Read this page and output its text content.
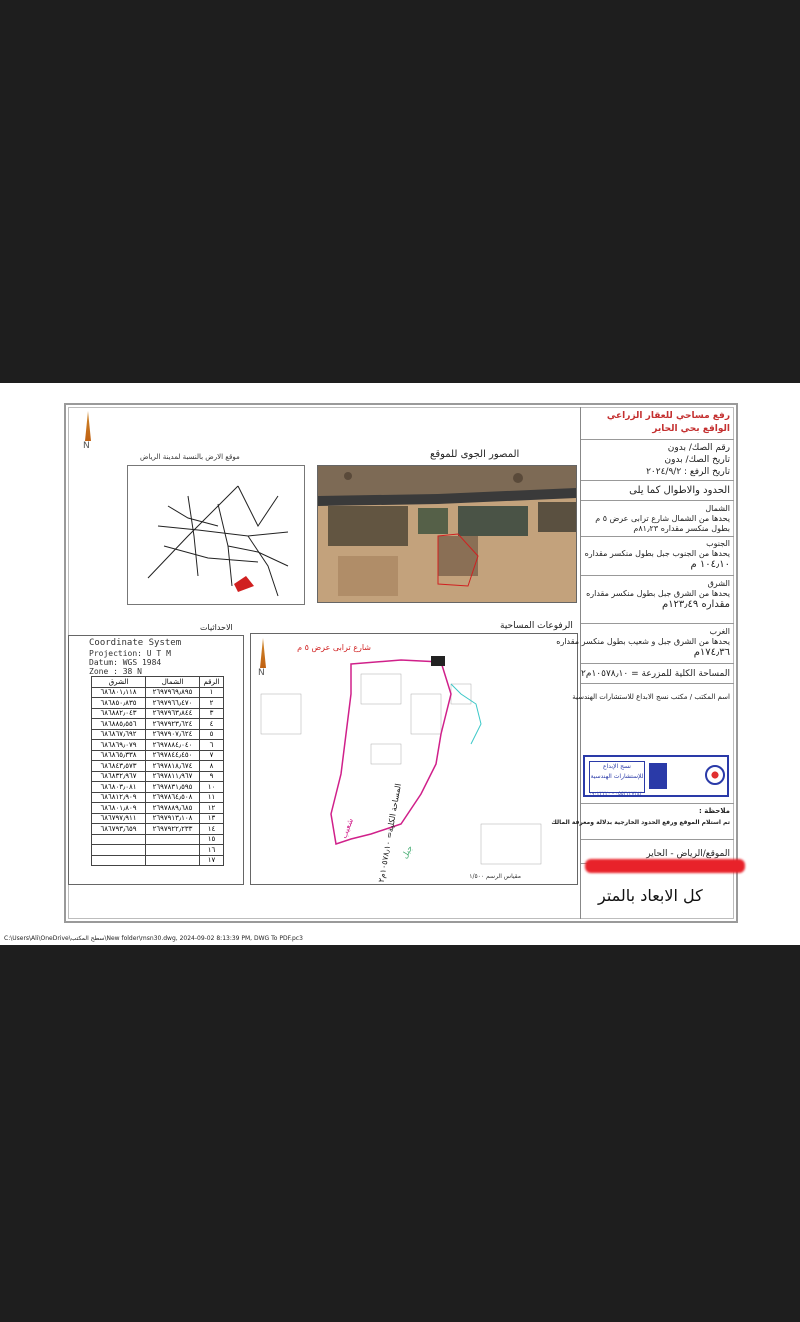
N
موقع الارض بالنسبة لمدينة الرياض	المصور الجوى للموقع
الاحداثيات
Coordinate System
Projection: U T M
Datum: WGS 1984
Zone : 38 N
الرقم	الشمال	الشرق
١	٢٦٩٧٩٦٩٫٨٩٥	٦٨٦٨٠١٫١١٨
٢	٢٦٩٧٩٦٦٫٤٧٠	٦٨٦٨٥٠٫٨٣٥
٣	٢٦٩٧٩٦٣٫٨٤٤	٦٨٦٨٨٢٫٠٤٣
٤	٢٦٩٧٩٢٣٫٦٢٤	٦٨٦٨٨٥٫٥٥٦
٥	٢٦٩٧٩٠٧٫٦٢٤	٦٨٦٨٦٧٫٦٩٢
٦	٢٦٩٧٨٨٤٫٠٤٠	٦٨٦٨٦٩٫٠٧٩
٧	٢٦٩٧٨٤٤٫٤٥٠	٦٨٦٨٦٥٫٣٣٨
٨	٢٦٩٧٨١٨٫٦٧٤	٦٨٦٨٤٣٫٥٧٣
٩	٢٦٩٧٨١١٫٩٦٧	٦٨٦٨٣٢٫٩٦٧
١٠	٢٦٩٧٨٣١٫٥٩٥	٦٨٦٨٠٣٫٠٨١
١١	٢٦٩٧٨٦٤٫٥٠٨	٦٨٦٨١٢٫٩٠٩
١٢	٢٦٩٧٨٨٩٫٦٨٥	٦٨٦٨٠١٫٨٠٩
١٣	٢٦٩٧٩١٣٫١٠٨	٦٨٦٧٩٧٫٩١١
١٤	٢٦٩٧٩٢٢٫٢٣٣	٦٨٦٧٩٣٫٦٥٩
١٥		
١٦		
١٧		
الرفوعات المساحية
N
شارع ترابى عرض ٥ م
المساحة الكلية= ١٠٥٧٨٫١٠م٢
شعيب
جبل
مقياس الرسم ١/٥٠٠
رفع مساحي للعقار الزراعي
الواقع بحي الحاير
رقم الصك/ بدون
تاريخ الصك/ بدون
تاريخ الرفع : ٢٠٢٤/٩/٢
الحدود والاطوال كما يلى
الشمال
يحدها من الشمال شارع ترابى عرض ٥ م
بطول منكسر مقداره ٨١٫٢٣م
الجنوب
يحدها من الجنوب جبل بطول منكسر مقداره
١٠٤٫١٠ م
الشرق
يحدها من الشرق جبل بطول منكسر مقداره
مقداره ١٢٣٫٤٩م
الغرب
يحدها من الشرق جبل و شعيب بطول منكسر مقداره
١٧٤٫٣٦م
المساحة الكلية للمزرعة = ١٠٥٧٨٫١٠م٢
اسم المكتب / مكتب نسج الابداع للاستشارات الهندسية
نسج الإبداع
للإستشارات الهندسية
٠٥٥٣٢٢٧٣٤٢ - ٠٩٠٢٢٢٢٠
ملاحظة :
تم استلام الموقع ورفع الحدود الخارجية بدلالة ومعرفة المالك
الموقع/الرياض - الحاير
كل الابعاد بالمتر
C:\Users\Ali\OneDrive\سطح المكتب\New folder\msn30.dwg, 2024-09-02 8:13:39 PM, DWG To PDF.pc3
